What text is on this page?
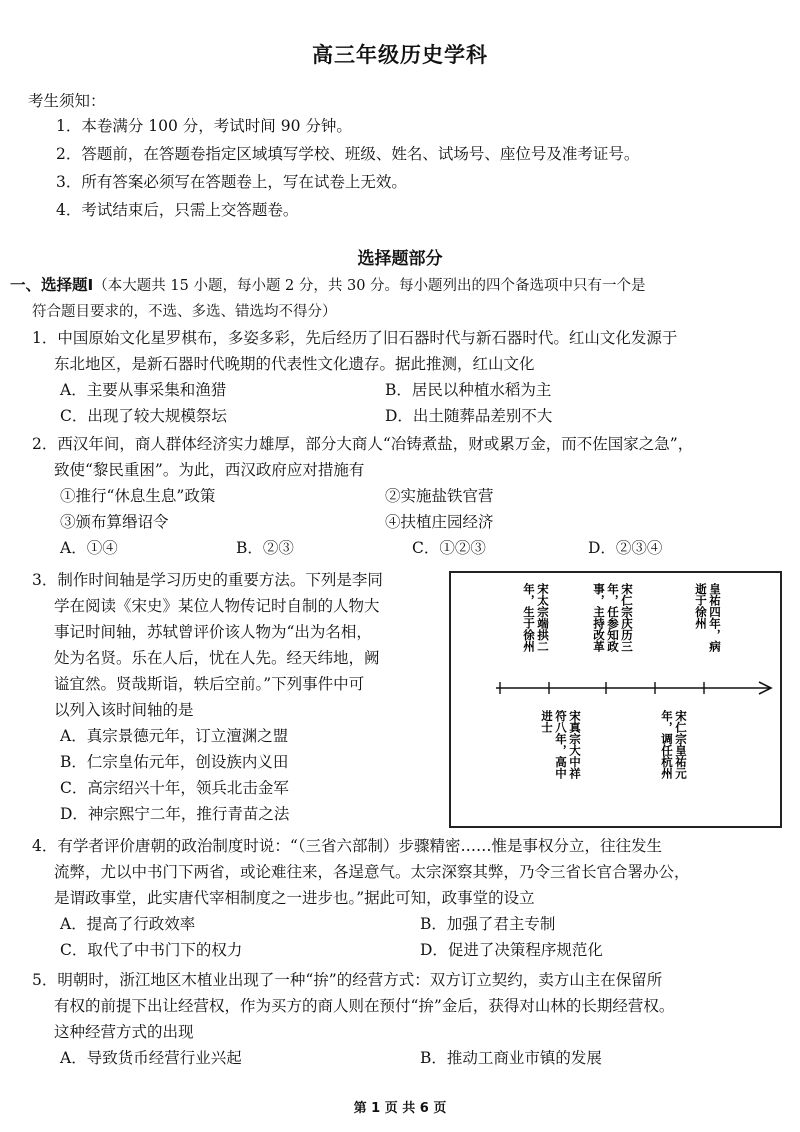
高三年级历史学科
考生须知：
1．本卷满分 100 分，考试时间 90 分钟。
2．答题前，在答题卷指定区域填写学校、班级、姓名、试场号、座位号及准考证号。
3．所有答案必须写在答题卷上，写在试卷上无效。
4．考试结束后，只需上交答题卷。
选择题部分
一、选择题Ⅰ（本大题共 15 小题，每小题 2 分，共 30 分。每小题列出的四个备选项中只有一个是
符合题目要求的，不选、多选、错选均不得分）
1．中国原始文化星罗棋布，多姿多彩，先后经历了旧石器时代与新石器时代。红山文化发源于
东北地区，是新石器时代晚期的代表性文化遗存。据此推测，红山文化
A．主要从事采集和渔猎	B．居民以种植水稻为主
C．出现了较大规模祭坛	D．出土随葬品差别不大
2．西汉年间，商人群体经济实力雄厚，部分大商人“冶铸煮盐，财或累万金，而不佐国家之急”，
致使“黎民重困”。为此，西汉政府应对措施有
①推行“休息生息”政策	②实施盐铁官营
③颁布算缗诏令	④扶植庄园经济
A．①④	B．②③	C．①②③	D．②③④
3．制作时间轴是学习历史的重要方法。下列是李同
学在阅读《宋史》某位人物传记时自制的人物大
事记时间轴，苏轼曾评价该人物为“出为名相，
处为名贤。乐在人后，忧在人先。经天纬地，阙
谥宜然。贤哉斯诣，轶后空前。”下列事件中可
以列入该时间轴的是
A．真宗景德元年，订立澶渊之盟
B．仁宗皇佑元年，创设族内义田
C．高宗绍兴十年，领兵北击金军
D．神宗熙宁二年，推行青苗之法
宋太宗端拱二
年，生于徐州	宋仁宗庆历三
年，任参知政
事，主持改革	皇祐四年，病
逝于徐州
宋真宗大中祥
符八年，高中
进士	宋仁宗皇祐元
年，调任杭州
4．有学者评价唐朝的政治制度时说：“（三省六部制）步骤精密……惟是事权分立，往往发生
流弊，尤以中书门下两省，或论难往来，各逞意气。太宗深察其弊，乃令三省长官合署办公，
是谓政事堂，此实唐代宰相制度之一进步也。”据此可知，政事堂的设立
A．提高了行政效率	B．加强了君主专制
C．取代了中书门下的权力	D．促进了决策程序规范化
5．明朝时，浙江地区木植业出现了一种“拚”的经营方式：双方订立契约，卖方山主在保留所
有权的前提下出让经营权，作为买方的商人则在预付“拚”金后，获得对山林的长期经营权。
这种经营方式的出现
A．导致货币经营行业兴起	B．推动工商业市镇的发展
第 1 页 共 6 页
